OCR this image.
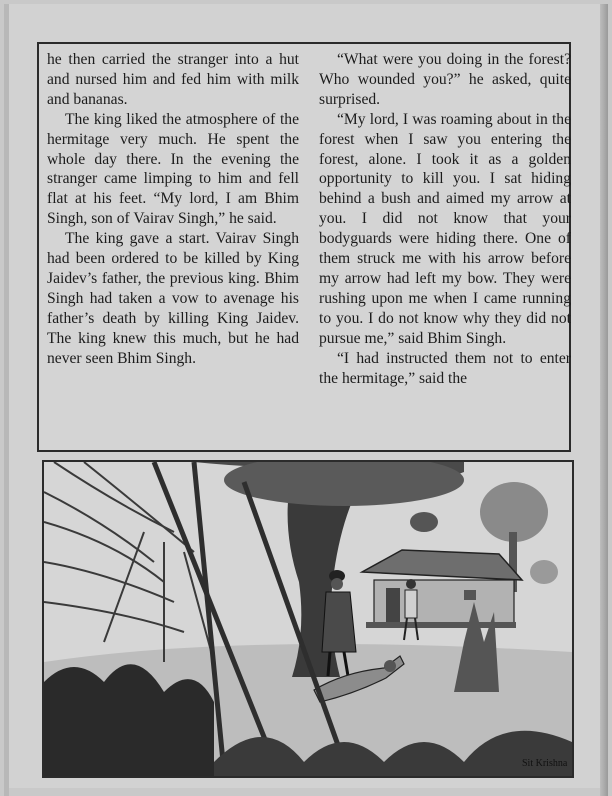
he then carried the stranger into a hut and nursed him and fed him with milk and bananas.

The king liked the atmosphere of the hermitage very much. He spent the whole day there. In the evening the stranger came limping to him and fell flat at his feet. “My lord, I am Bhim Singh, son of Vairav Singh,” he said.

The king gave a start. Vairav Singh had been ordered to be killed by King Jaidev’s father, the previous king. Bhim Singh had taken a vow to avenage his father’s death by killing King Jaidev. The king knew this much, but he had never seen Bhim Singh.

“What were you doing in the forest? Who wounded you?” he asked, quite surprised.

“My lord, I was roaming about in the forest when I saw you entering the forest, alone. I took it as a golden opportunity to kill you. I sat hiding behind a bush and aimed my arrow at you. I did not know that your bodyguards were hiding there. One of them struck me with his arrow before my arrow had left my bow. They were rushing upon me when I came running to you. I do not know why they did not pursue me,” said Bhim Singh.

“I had instructed them not to enter the hermitage,” said the

Sit Krishna
